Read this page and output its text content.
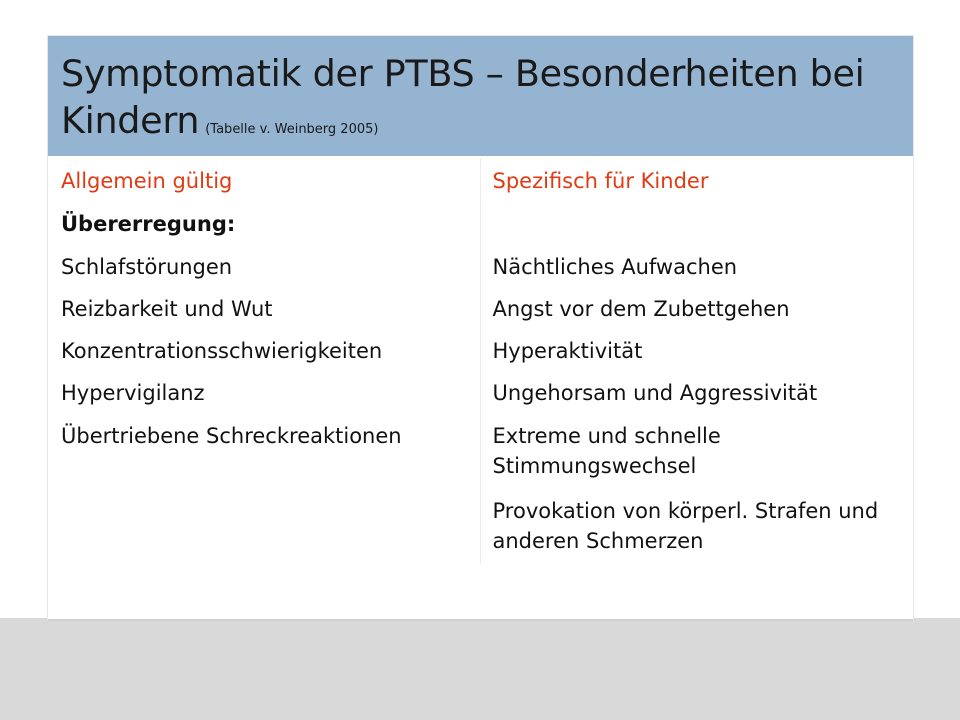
Symptomatik der PTBS – Besonderheiten bei
Kindern (Tabelle v. Weinberg 2005)
Allgemein gültig	Spezifisch für Kinder
Übererregung:	
Schlafstörungen	Nächtliches Aufwachen
Reizbarkeit und Wut	Angst vor dem Zubettgehen
Konzentrationsschwierigkeiten	Hyperaktivität
Hypervigilanz	Ungehorsam und Aggressivität
Übertriebene Schreckreaktionen	Extreme und schnelle Stimmungswechsel
	Provokation von körperl. Strafen und anderen Schmerzen
